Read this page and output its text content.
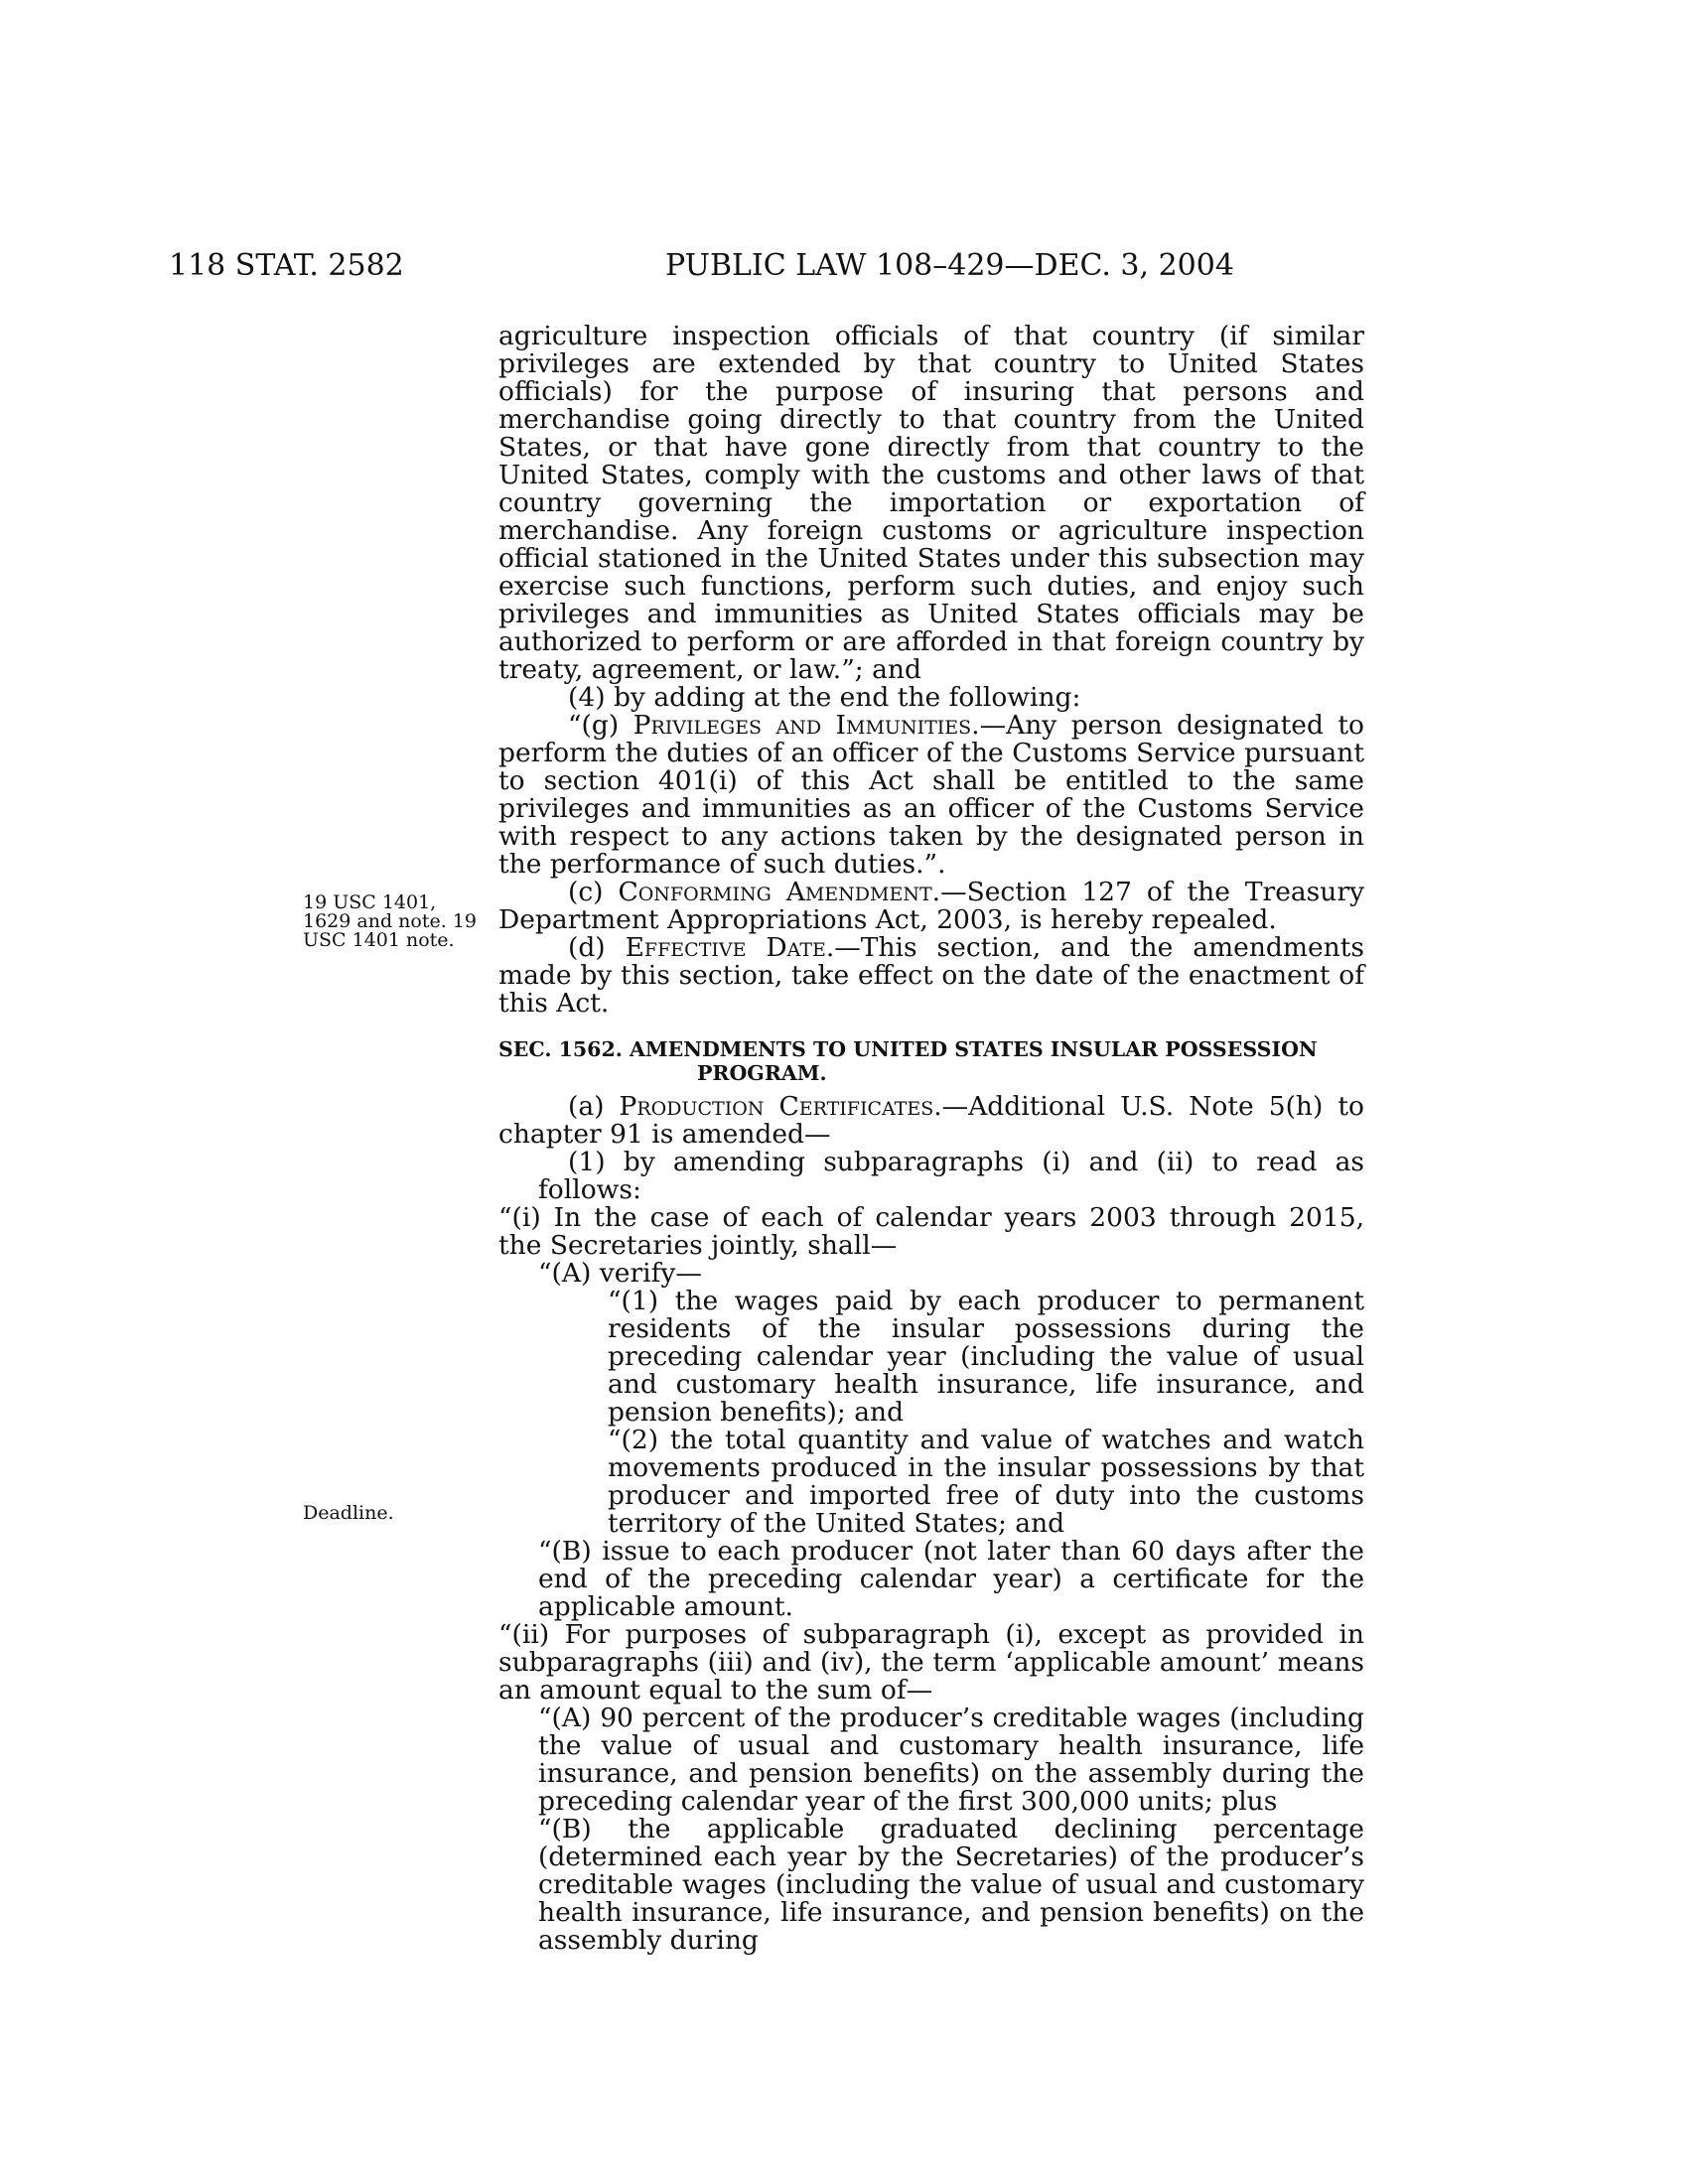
118 STAT. 2582	PUBLIC LAW 108–429—DEC. 3, 2004
19 USC 1401, 1629 and note. 19 USC 1401 note.
Deadline.

agriculture inspection officials of that country (if similar privileges are extended by that country to United States officials) for the purpose of insuring that persons and merchandise going directly to that country from the United States, or that have gone directly from that country to the United States, comply with the customs and other laws of that country governing the importation or exportation of merchandise. Any foreign customs or agriculture inspection official stationed in the United States under this subsection may exercise such functions, perform such duties, and enjoy such privileges and immunities as United States officials may be authorized to perform or are afforded in that foreign country by treaty, agreement, or law.”; and

(4) by adding at the end the following:

“(g) Privileges and Immunities.—Any person designated to perform the duties of an officer of the Customs Service pursuant to section 401(i) of this Act shall be entitled to the same privileges and immunities as an officer of the Customs Service with respect to any actions taken by the designated person in the performance of such duties.”.

(c) Conforming Amendment.—Section 127 of the Treasury Department Appropriations Act, 2003, is hereby repealed.

(d) Effective Date.—This section, and the amendments made by this section, take effect on the date of the enactment of this Act.

SEC. 1562. AMENDMENTS TO UNITED STATES INSULAR POSSESSION PROGRAM.

(a) Production Certificates.—Additional U.S. Note 5(h) to chapter 91 is amended—

(1) by amending subparagraphs (i) and (ii) to read as follows:

“(i) In the case of each of calendar years 2003 through 2015, the Secretaries jointly, shall—

“(A) verify—

“(1) the wages paid by each producer to permanent residents of the insular possessions during the preceding calendar year (including the value of usual and customary health insurance, life insurance, and pension benefits); and

“(2) the total quantity and value of watches and watch movements produced in the insular possessions by that producer and imported free of duty into the customs territory of the United States; and

“(B) issue to each producer (not later than 60 days after the end of the preceding calendar year) a certificate for the applicable amount.

“(ii) For purposes of subparagraph (i), except as provided in subparagraphs (iii) and (iv), the term ‘applicable amount’ means an amount equal to the sum of—

“(A) 90 percent of the producer’s creditable wages (including the value of usual and customary health insurance, life insurance, and pension benefits) on the assembly during the preceding calendar year of the first 300,000 units; plus

“(B) the applicable graduated declining percentage (determined each year by the Secretaries) of the producer’s creditable wages (including the value of usual and customary health insurance, life insurance, and pension benefits) on the assembly during
